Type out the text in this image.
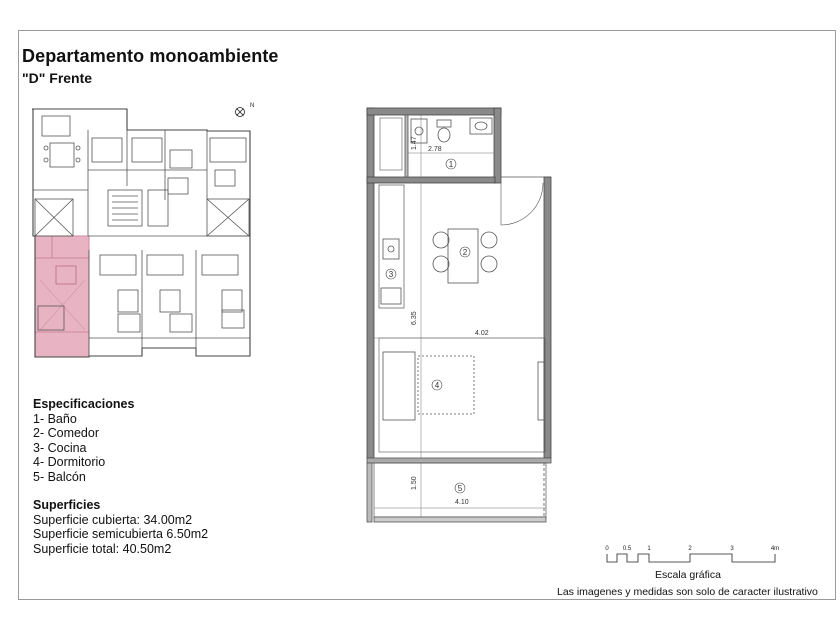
Departamento monoambiente
"D" Frente
N
1
2
3
4
5
1.47 2.78
6.35
4.02
1.50
4.10
0 0.5	1	2	3	4m
Especificaciones
1- Baño
2- Comedor
3- Cocina
4- Dormitorio
5- Balcón
Superficies
Superficie cubierta: 34.00m2
Superficie semicubierta 6.50m2
Superficie total: 40.50m2
Escala gráfica
Las imagenes y medidas son solo de caracter ilustrativo
